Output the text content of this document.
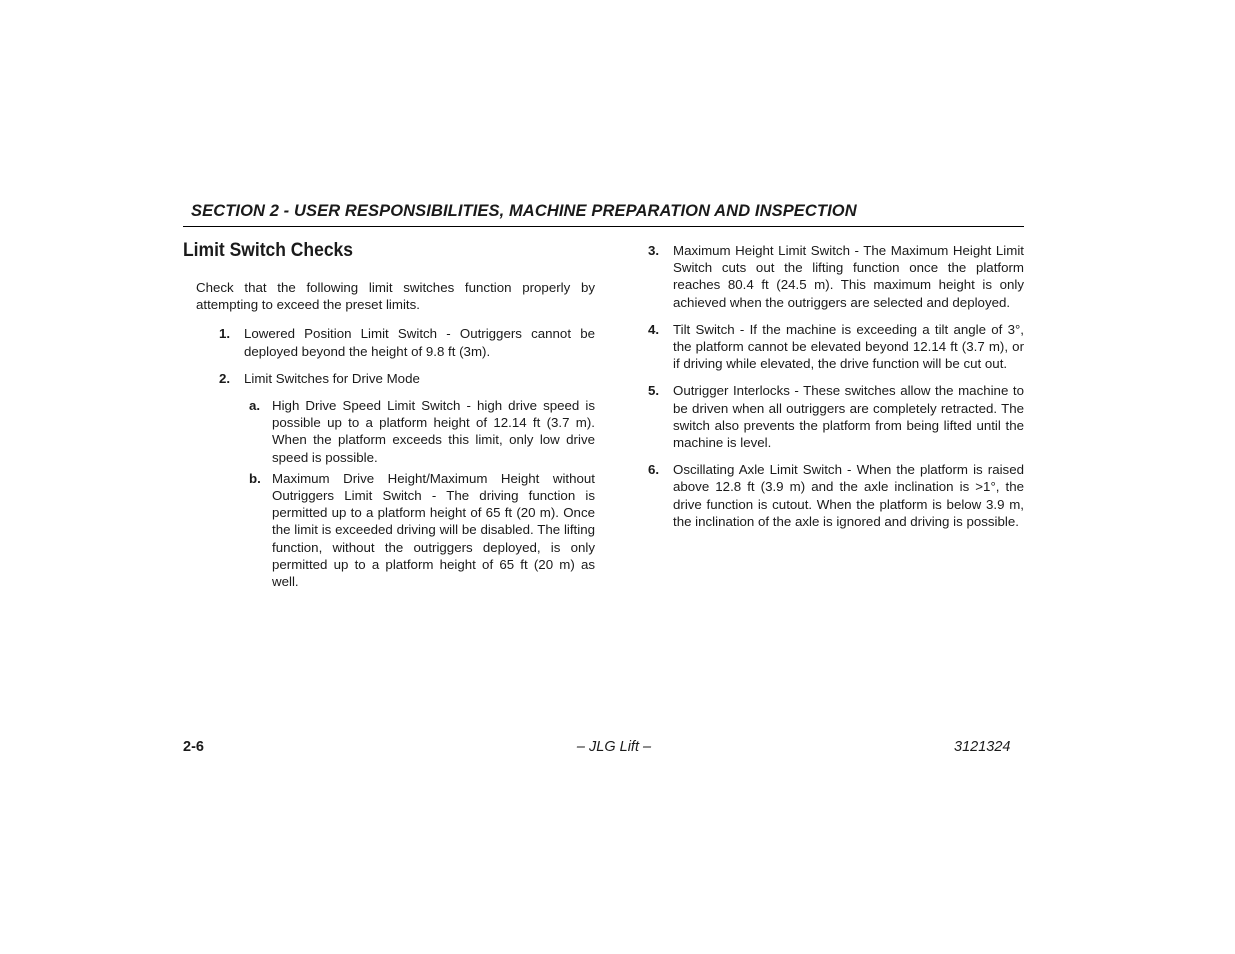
SECTION 2 - USER RESPONSIBILITIES, MACHINE PREPARATION AND INSPECTION
Limit Switch Checks

Check that the following limit switches function properly by attempting to exceed the preset limits.

1. Lowered Position Limit Switch - Outriggers cannot be deployed beyond the height of 9.8 ft (3m).
2. Limit Switches for Drive Mode
a. High Drive Speed Limit Switch - high drive speed is possible up to a platform height of 12.14 ft (3.7 m). When the platform exceeds this limit, only low drive speed is possible.
b. Maximum Drive Height/Maximum Height without Outriggers Limit Switch - The driving function is permitted up to a platform height of 65 ft (20 m). Once the limit is exceeded driving will be disabled. The lifting function, without the outriggers deployed, is only permitted up to a platform height of 65 ft (20 m) as well.
3. Maximum Height Limit Switch - The Maximum Height Limit Switch cuts out the lifting function once the platform reaches 80.4 ft (24.5 m). This maximum height is only achieved when the outriggers are selected and deployed.
4. Tilt Switch - If the machine is exceeding a tilt angle of 3°, the platform cannot be elevated beyond 12.14 ft (3.7 m), or if driving while elevated, the drive function will be cut out.
5. Outrigger Interlocks - These switches allow the machine to be driven when all outriggers are completely retracted. The switch also prevents the platform from being lifted until the machine is level.
6. Oscillating Axle Limit Switch - When the platform is raised above 12.8 ft (3.9 m) and the axle inclination is >1°, the drive function is cutout. When the platform is below 3.9 m, the inclination of the axle is ignored and driving is possible.
2-6	– JLG Lift –	3121324
